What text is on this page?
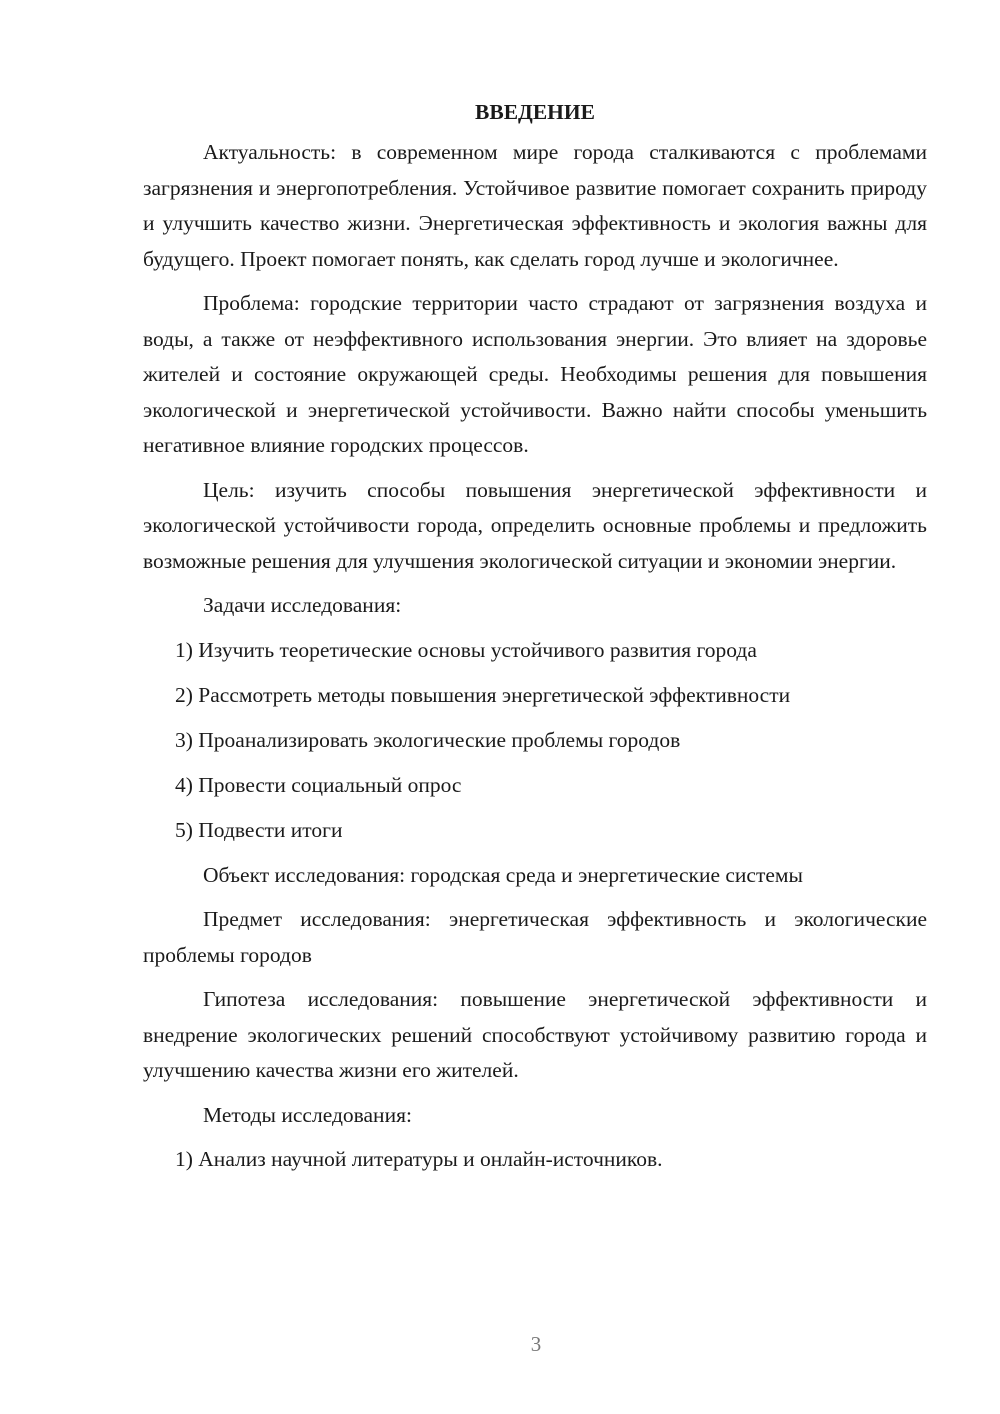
ВВЕДЕНИЕ
Актуальность: в современном мире города сталкиваются с проблемами загрязнения и энергопотребления. Устойчивое развитие помогает сохранить природу и улучшить качество жизни. Энергетическая эффективность и экология важны для будущего. Проект помогает понять, как сделать город лучше и экологичнее.
Проблема: городские территории часто страдают от загрязнения воздуха и воды, а также от неэффективного использования энергии. Это влияет на здоровье жителей и состояние окружающей среды. Необходимы решения для повышения экологической и энергетической устойчивости. Важно найти способы уменьшить негативное влияние городских процессов.
Цель: изучить способы повышения энергетической эффективности и экологической устойчивости города, определить основные проблемы и предложить возможные решения для улучшения экологической ситуации и экономии энергии.
Задачи исследования:
1) Изучить теоретические основы устойчивого развития города
2) Рассмотреть методы повышения энергетической эффективности
3) Проанализировать экологические проблемы городов
4) Провести социальный опрос
5) Подвести итоги
Объект исследования: городская среда и энергетические системы
Предмет исследования: энергетическая эффективность и экологические проблемы городов
Гипотеза исследования: повышение энергетической эффективности и внедрение экологических решений способствуют устойчивому развитию города и улучшению качества жизни его жителей.
Методы исследования:
1) Анализ научной литературы и онлайн-источников.
3
